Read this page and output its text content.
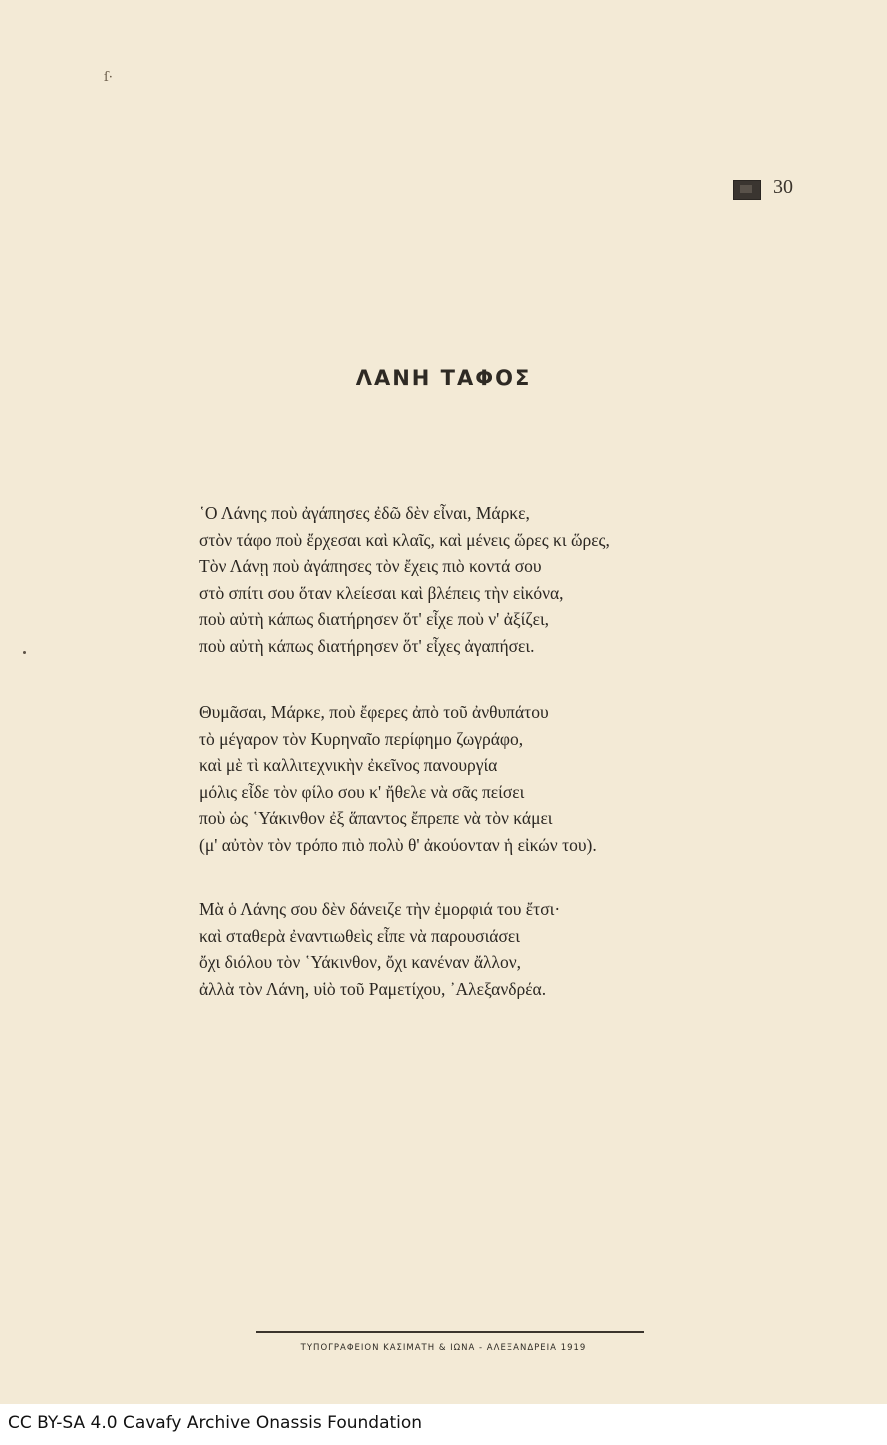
ſ·
30
ΛΑΝΗ ΤΑΦΟΣ
῾Ο Λάνης ποὺ ἀγάπησες ἐδῶ δὲν εἶναι, Μάρκε,
στὸν τάφο ποὺ ἔρχεσαι καὶ κλαῖς, καὶ μένεις ὥρες κι ὥρες,
Τὸν Λάνῃ ποὺ ἀγάπησες τὸν ἔχεις πιὸ κοντά σου
στὸ σπίτι σου ὅταν κλείεσαι καὶ βλέπεις τὴν εἰκόνα,
ποὺ αὐτὴ κάπως διατήρησεν ὅτ' εἶχε ποὺ ν' ἀξίζει,
ποὺ αὐτὴ κάπως διατήρησεν ὅτ' εἶχες ἀγαπήσει.
Θυμᾶσαι, Μάρκε, ποὺ ἔφερες ἀπὸ τοῦ ἀνθυπάτου
τὸ μέγαρον τὸν Κυρηναῖο περίφημο ζωγράφο,
καὶ μὲ τὶ καλλιτεχνικὴν ἐκεῖνος πανουργία
μόλις εἶδε τὸν φίλο σου κ' ἤθελε νὰ σᾶς πείσει
ποὺ ὡς ῾Υάκινθον ἐξ ἅπαντος ἔπρεπε νὰ τὸν κάμει
(μ' αὐτὸν τὸν τρόπο πιὸ πολὺ θ' ἀκούονταν ἡ εἰκών του).
Μὰ ὁ Λάνης σου δὲν δάνειζε τὴν ἐμορφιά του ἔτσι·
καὶ σταθερὰ ἐναντιωθεὶς εἶπε νὰ παρουσιάσει
ὄχι διόλου τὸν ῾Υάκινθον, ὄχι κανέναν ἄλλον,
ἀλλὰ τὸν Λάνη, υἱὸ τοῦ Ραμετίχου, ᾽Αλεξανδρέα.
ΤΥΠΟΓΡΑΦΕΙΟΝ ΚΑΣΙΜΑΤΗ & ΙΩΝΑ - ΑΛΕΞΑΝΔΡΕΙΑ 1919
CC BY-SA 4.0 Cavafy Archive Onassis Foundation
